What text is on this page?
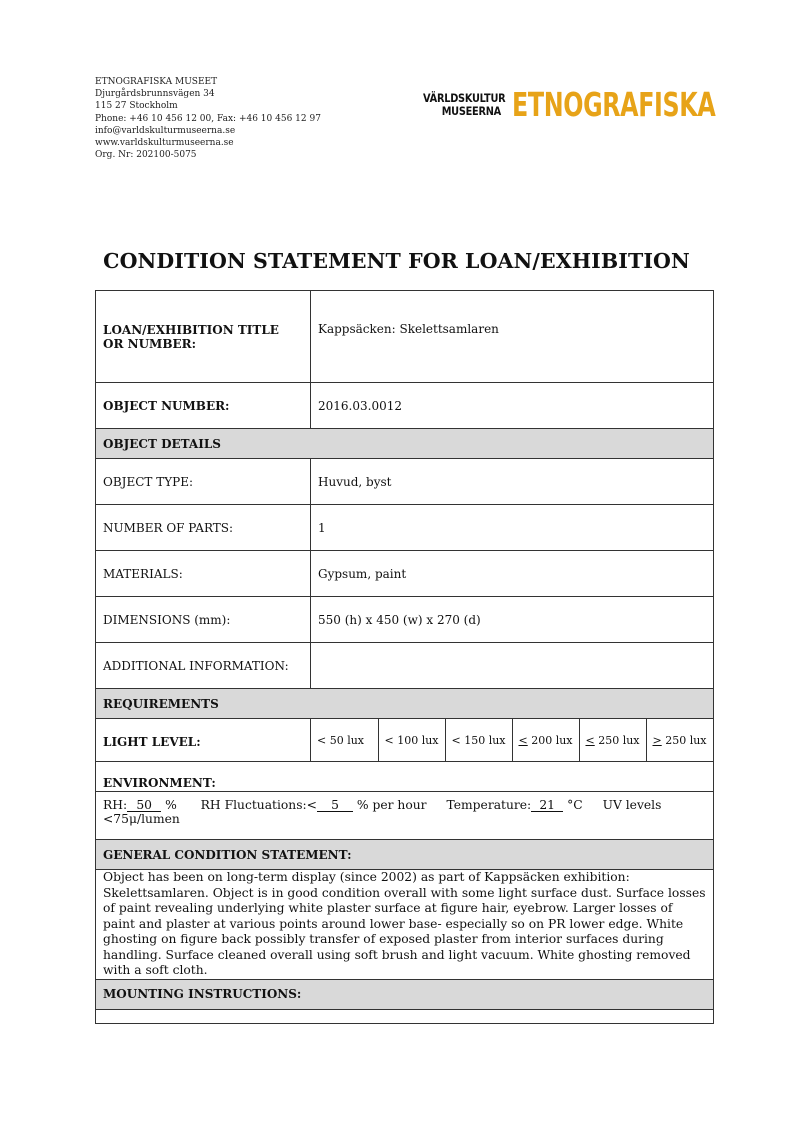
ETNOGRAFISKA MUSEET
Djurgårdsbrunnsvägen 34
115 27 Stockholm
Phone: +46 10 456 12 00, Fax: +46 10 456 12 97
info@varldskulturmuseerna.se
www.varldskulturmuseerna.se
Org. Nr: 202100-5075
VÄRLDSKULTUR
MUSEERNA ETNOGRAFISKA
CONDITION STATEMENT FOR LOAN/EXHIBITION
LOAN/EXHIBITION TITLE OR NUMBER:	Kappsäcken: Skelettsamlaren
OBJECT NUMBER:	2016.03.0012
OBJECT DETAILS
OBJECT TYPE:	Huvud, byst
NUMBER OF PARTS:	1
MATERIALS:	Gypsum, paint
DIMENSIONS (mm):	550 (h) x 450 (w) x 270 (d)
ADDITIONAL INFORMATION:	
REQUIREMENTS
LIGHT LEVEL:		< 50 lux	< 100 lux	< 150 lux	< 200 lux	< 250 lux	> 250 lux

ENVIRONMENT:
RH: 50 % RH Fluctuations:< 5 % per hour Temperature: 21 °C UV levels <75μ/lumen
GENERAL CONDITION STATEMENT:
Object has been on long-term display (since 2002) as part of Kappsäcken exhibition: Skelettsamlaren. Object is in good condition overall with some light surface dust. Surface losses of paint revealing underlying white plaster surface at figure hair, eyebrow. Larger losses of paint and plaster at various points around lower base- especially so on PR lower edge. White ghosting on figure back possibly transfer of exposed plaster from interior surfaces during handling. Surface cleaned overall using soft brush and light vacuum. White ghosting removed with a soft cloth.
MOUNTING INSTRUCTIONS:
